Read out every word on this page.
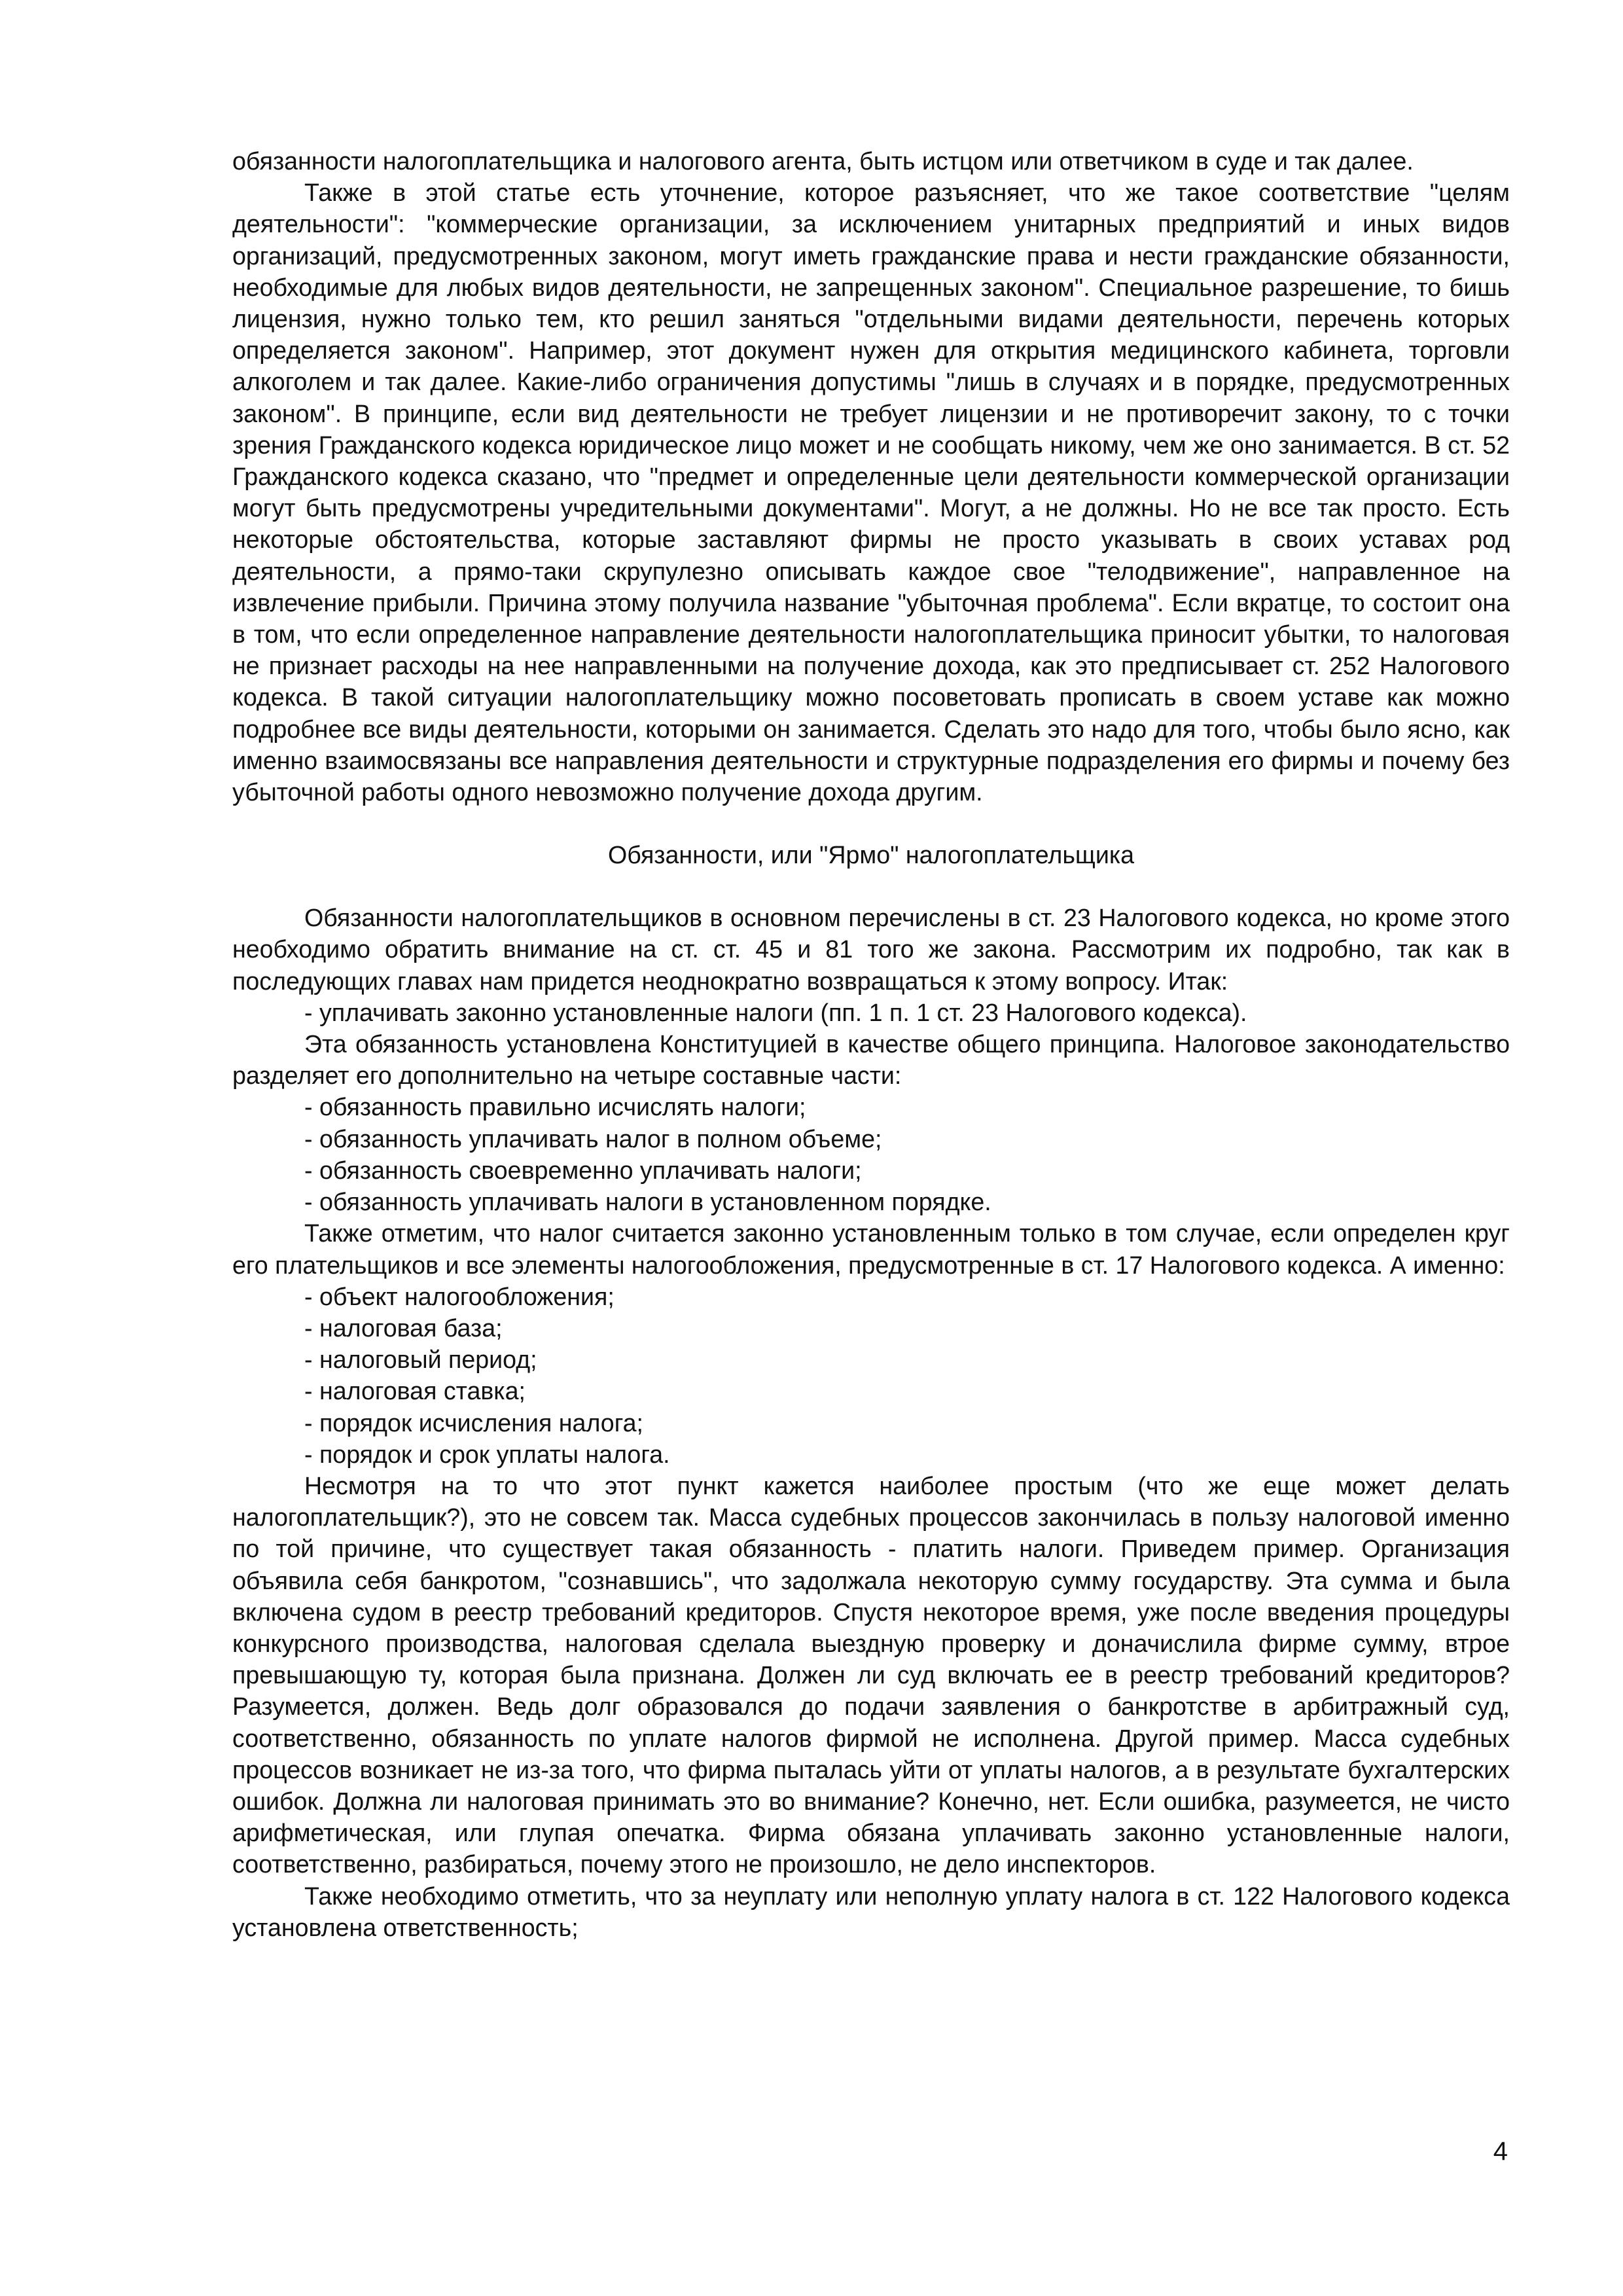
обязанности налогоплательщика и налогового агента, быть истцом или ответчиком в суде и так далее.

Также в этой статье есть уточнение, которое разъясняет, что же такое соответствие "целям деятельности": "коммерческие организации, за исключением унитарных предприятий и иных видов организаций, предусмотренных законом, могут иметь гражданские права и нести гражданские обязанности, необходимые для любых видов деятельности, не запрещенных законом". Специальное разрешение, то бишь лицензия, нужно только тем, кто решил заняться "отдельными видами деятельности, перечень которых определяется законом". Например, этот документ нужен для открытия медицинского кабинета, торговли алкоголем и так далее. Какие-либо ограничения допустимы "лишь в случаях и в порядке, предусмотренных законом". В принципе, если вид деятельности не требует лицензии и не противоречит закону, то с точки зрения Гражданского кодекса юридическое лицо может и не сообщать никому, чем же оно занимается. В ст. 52 Гражданского кодекса сказано, что "предмет и определенные цели деятельности коммерческой организации могут быть предусмотрены учредительными документами". Могут, а не должны. Но не все так просто. Есть некоторые обстоятельства, которые заставляют фирмы не просто указывать в своих уставах род деятельности, а прямо-таки скрупулезно описывать каждое свое "телодвижение", направленное на извлечение прибыли. Причина этому получила название "убыточная проблема". Если вкратце, то состоит она в том, что если определенное направление деятельности налогоплательщика приносит убытки, то налоговая не признает расходы на нее направленными на получение дохода, как это предписывает ст. 252 Налогового кодекса. В такой ситуации налогоплательщику можно посоветовать прописать в своем уставе как можно подробнее все виды деятельности, которыми он занимается. Сделать это надо для того, чтобы было ясно, как именно взаимосвязаны все направления деятельности и структурные подразделения его фирмы и почему без убыточной работы одного невозможно получение дохода другим.

Обязанности, или "Ярмо" налогоплательщика

Обязанности налогоплательщиков в основном перечислены в ст. 23 Налогового кодекса, но кроме этого необходимо обратить внимание на ст. ст. 45 и 81 того же закона. Рассмотрим их подробно, так как в последующих главах нам придется неоднократно возвращаться к этому вопросу. Итак:

- уплачивать законно установленные налоги (пп. 1 п. 1 ст. 23 Налогового кодекса).

Эта обязанность установлена Конституцией в качестве общего принципа. Налоговое законодательство разделяет его дополнительно на четыре составные части:

- обязанность правильно исчислять налоги;

- обязанность уплачивать налог в полном объеме;

- обязанность своевременно уплачивать налоги;

- обязанность уплачивать налоги в установленном порядке.

Также отметим, что налог считается законно установленным только в том случае, если определен круг его плательщиков и все элементы налогообложения, предусмотренные в ст. 17 Налогового кодекса. А именно:

- объект налогообложения;

- налоговая база;

- налоговый период;

- налоговая ставка;

- порядок исчисления налога;

- порядок и срок уплаты налога.

Несмотря на то что этот пункт кажется наиболее простым (что же еще может делать налогоплательщик?), это не совсем так. Масса судебных процессов закончилась в пользу налоговой именно по той причине, что существует такая обязанность - платить налоги. Приведем пример. Организация объявила себя банкротом, "сознавшись", что задолжала некоторую сумму государству. Эта сумма и была включена судом в реестр требований кредиторов. Спустя некоторое время, уже после введения процедуры конкурсного производства, налоговая сделала выездную проверку и доначислила фирме сумму, втрое превышающую ту, которая была признана. Должен ли суд включать ее в реестр требований кредиторов? Разумеется, должен. Ведь долг образовался до подачи заявления о банкротстве в арбитражный суд, соответственно, обязанность по уплате налогов фирмой не исполнена. Другой пример. Масса судебных процессов возникает не из-за того, что фирма пыталась уйти от уплаты налогов, а в результате бухгалтерских ошибок. Должна ли налоговая принимать это во внимание? Конечно, нет. Если ошибка, разумеется, не чисто арифметическая, или глупая опечатка. Фирма обязана уплачивать законно установленные налоги, соответственно, разбираться, почему этого не произошло, не дело инспекторов.

Также необходимо отметить, что за неуплату или неполную уплату налога в ст. 122 Налогового кодекса установлена ответственность;

4
